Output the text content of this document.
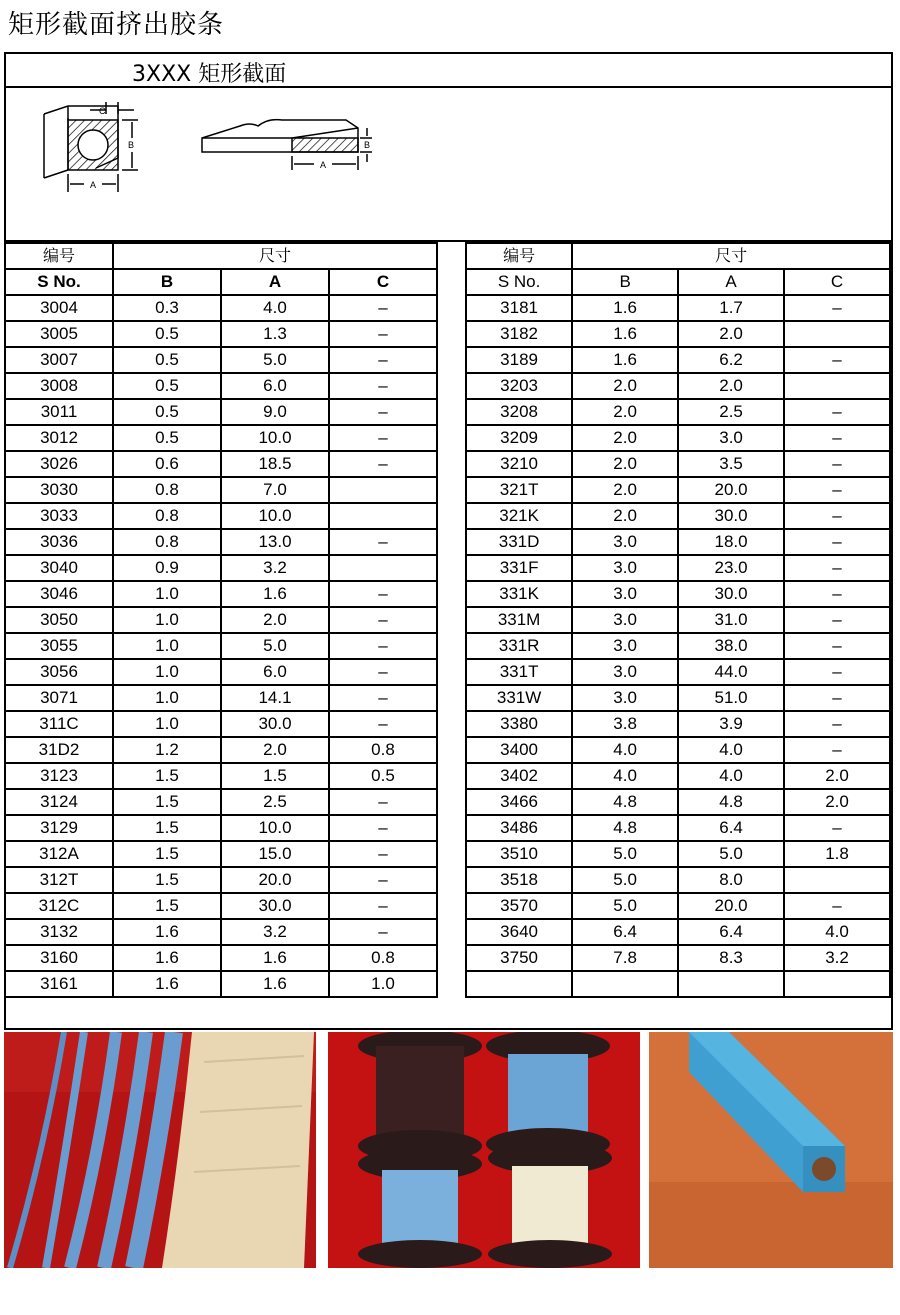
矩形截面挤出胶条
3XXX 矩形截面
C
B
A
B
A
编号	尺寸		
S No.	B	A	C
3004	0.3	4.0	–
3005	0.5	1.3	–
3007	0.5	5.0	–
3008	0.5	6.0	–
3011	0.5	9.0	–
3012	0.5	10.0	–
3026	0.6	18.5	–
3030	0.8	7.0	
3033	0.8	10.0	
3036	0.8	13.0	–
3040	0.9	3.2	
3046	1.0	1.6	–
3050	1.0	2.0	–
3055	1.0	5.0	–
3056	1.0	6.0	–
3071	1.0	14.1	–
311C	1.0	30.0	–
31D2	1.2	2.0	0.8
3123	1.5	1.5	0.5
3124	1.5	2.5	–
3129	1.5	10.0	–
312A	1.5	15.0	–
312T	1.5	20.0	–
312C	1.5	30.0	–
3132	1.6	3.2	–
3160	1.6	1.6	0.8
3161	1.6	1.6	1.0
编号	尺寸		
S No.	B	A	C
3181	1.6	1.7	–
3182	1.6	2.0	
3189	1.6	6.2	–
3203	2.0	2.0	
3208	2.0	2.5	–
3209	2.0	3.0	–
3210	2.0	3.5	–
321T	2.0	20.0	–
321K	2.0	30.0	–
331D	3.0	18.0	–
331F	3.0	23.0	–
331K	3.0	30.0	–
331M	3.0	31.0	–
331R	3.0	38.0	–
331T	3.0	44.0	–
331W	3.0	51.0	–
3380	3.8	3.9	–
3400	4.0	4.0	–
3402	4.0	4.0	2.0
3466	4.8	4.8	2.0
3486	4.8	6.4	–
3510	5.0	5.0	1.8
3518	5.0	8.0	
3570	5.0	20.0	–
3640	6.4	6.4	4.0
3750	7.8	8.3	3.2
